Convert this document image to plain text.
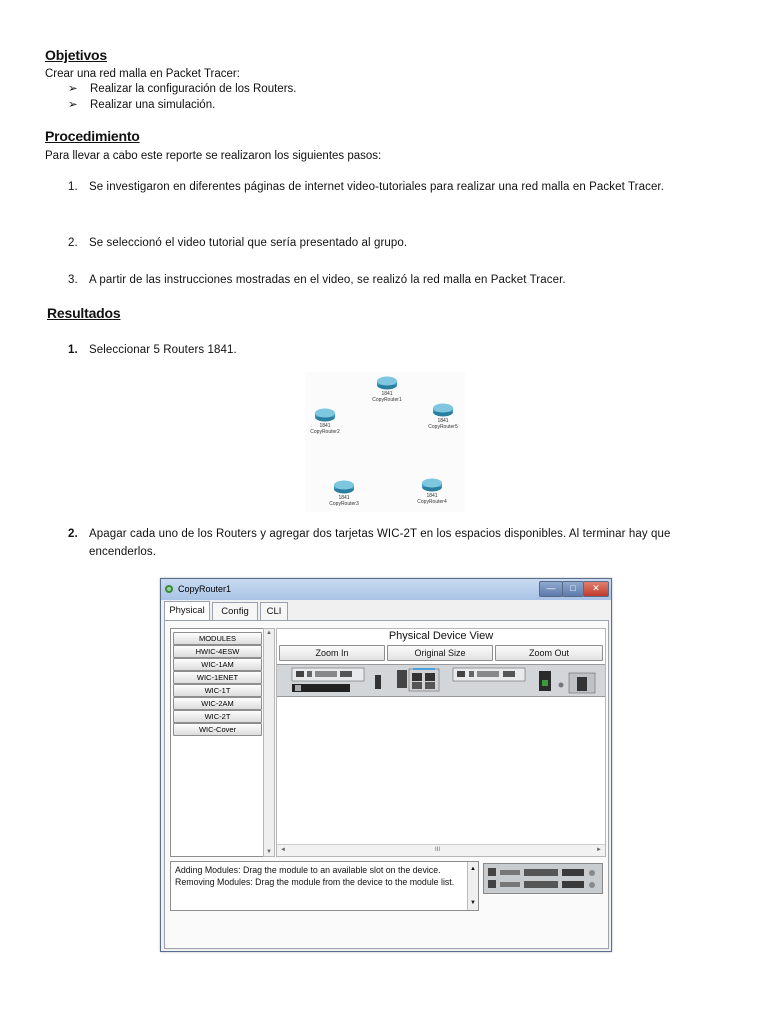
Objetivos
Crear una red malla en Packet Tracer:
➢ Realizar la configuración de los Routers.
➢ Realizar una simulación.
Procedimiento
Para llevar a cabo este reporte se realizaron los siguientes pasos:
1. Se investigaron en diferentes páginas de internet video-tutoriales para realizar una red malla en Packet Tracer.
2. Se seleccionó el video tutorial que sería presentado al grupo.
3. A partir de las instrucciones mostradas en el video, se realizó la red malla en Packet Tracer.
Resultados
1. Seleccionar 5 Routers 1841.
1841
CopyRouter1
1841
CopyRouter2
1841
CopyRouter5
1841
CopyRouter3
1841
CopyRouter4
2. Apagar cada uno de los Routers y agregar dos tarjetas WIC-2T en los espacios disponibles. Al terminar hay que encenderlos.
CopyRouter1	—	□	✕
Physical	Config	CLI
MODULES
HWIC-4ESW
WIC-1AM
WIC-1ENET
WIC-1T
WIC-2AM
WIC-2T
WIC-Cover
▲
▼
Physical Device View
Zoom In	Original Size	Zoom Out
◄	III	►
Adding Modules: Drag the module to an available slot on the device.
Removing Modules: Drag the module from the device to the module list.
▲
▼
